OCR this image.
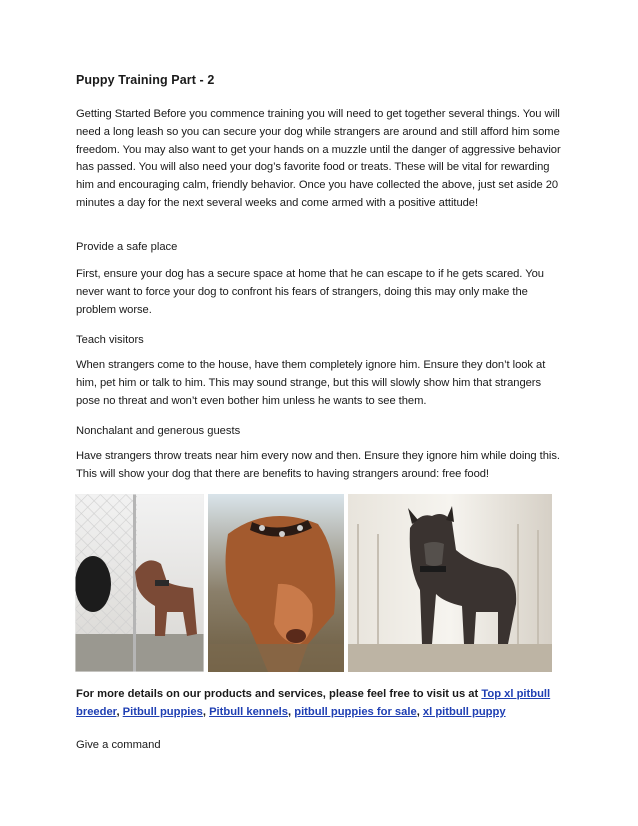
Puppy Training Part - 2

Getting Started Before you commence training you will need to get together several things. You will need a long leash so you can secure your dog while strangers are around and still afford him some freedom. You may also want to get your hands on a muzzle until the danger of aggressive behavior has passed. You will also need your dog’s favorite food or treats. These will be vital for rewarding him and encouraging calm, friendly behavior. Once you have collected the above, just set aside 20 minutes a day for the next several weeks and come armed with a positive attitude!

Provide a safe place

First, ensure your dog has a secure space at home that he can escape to if he gets scared. You never want to force your dog to confront his fears of strangers, doing this may only make the problem worse.

Teach visitors

When strangers come to the house, have them completely ignore him. Ensure they don’t look at him, pet him or talk to him. This may sound strange, but this will slowly show him that strangers pose no threat and won’t even bother him unless he wants to see them.

Nonchalant and generous guests

Have strangers throw treats near him every now and then. Ensure they ignore him while doing this. This will show your dog that there are benefits to having strangers around: free food!

For more details on our products and services, please feel free to visit us at Top xl pitbull breeder, Pitbull puppies, Pitbull kennels, pitbull puppies for sale, xl pitbull puppy

Give a command
